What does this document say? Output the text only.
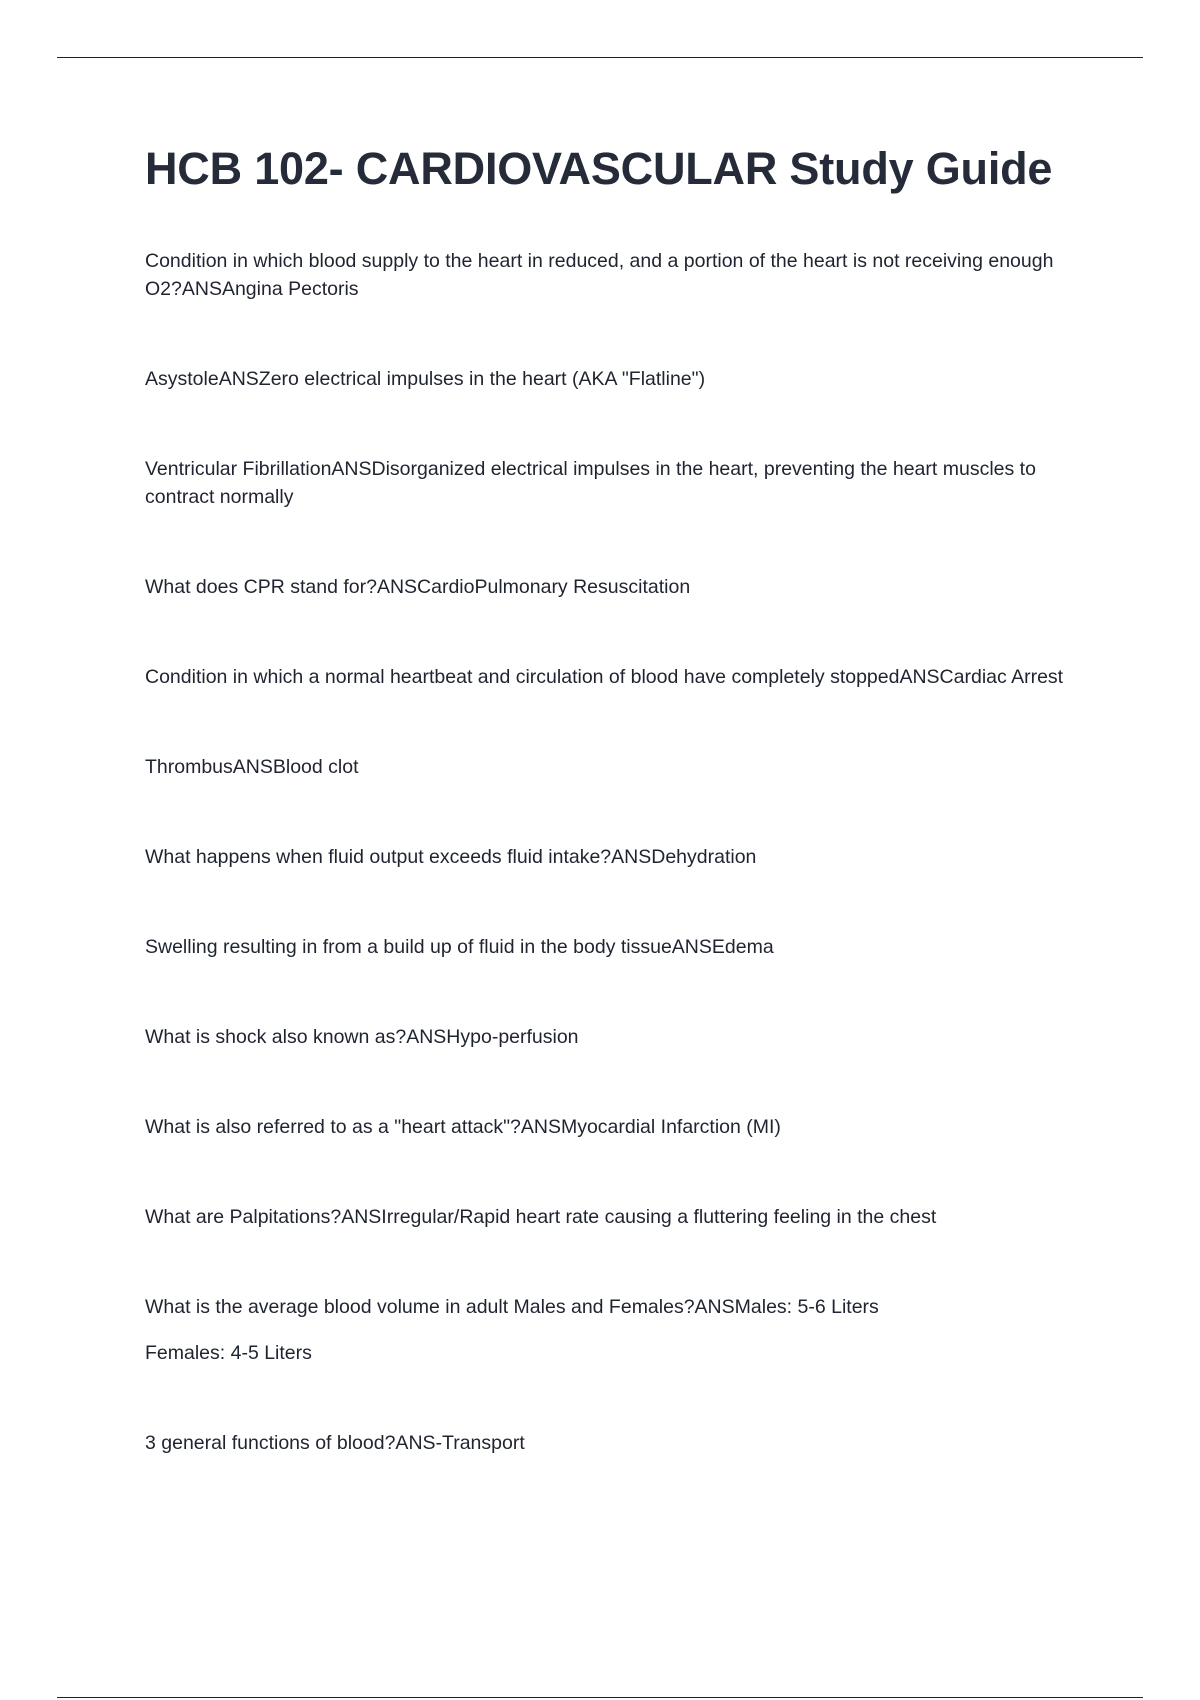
HCB 102- CARDIOVASCULAR Study Guide

Condition in which blood supply to the heart in reduced, and a portion of the heart is not receiving enough O2?ANSAngina Pectoris

AsystoleANSZero electrical impulses in the heart (AKA "Flatline")

Ventricular FibrillationANSDisorganized electrical impulses in the heart, preventing the heart muscles to contract normally

What does CPR stand for?ANSCardioPulmonary Resuscitation

Condition in which a normal heartbeat and circulation of blood have completely stoppedANSCardiac Arrest

ThrombusANSBlood clot

What happens when fluid output exceeds fluid intake?ANSDehydration

Swelling resulting in from a build up of fluid in the body tissueANSEdema

What is shock also known as?ANSHypo-perfusion

What is also referred to as a "heart attack"?ANSMyocardial Infarction (MI)

What are Palpitations?ANSIrregular/Rapid heart rate causing a fluttering feeling in the chest

What is the average blood volume in adult Males and Females?ANSMales: 5-6 Liters
Females: 4-5 Liters

3 general functions of blood?ANS-Transport
